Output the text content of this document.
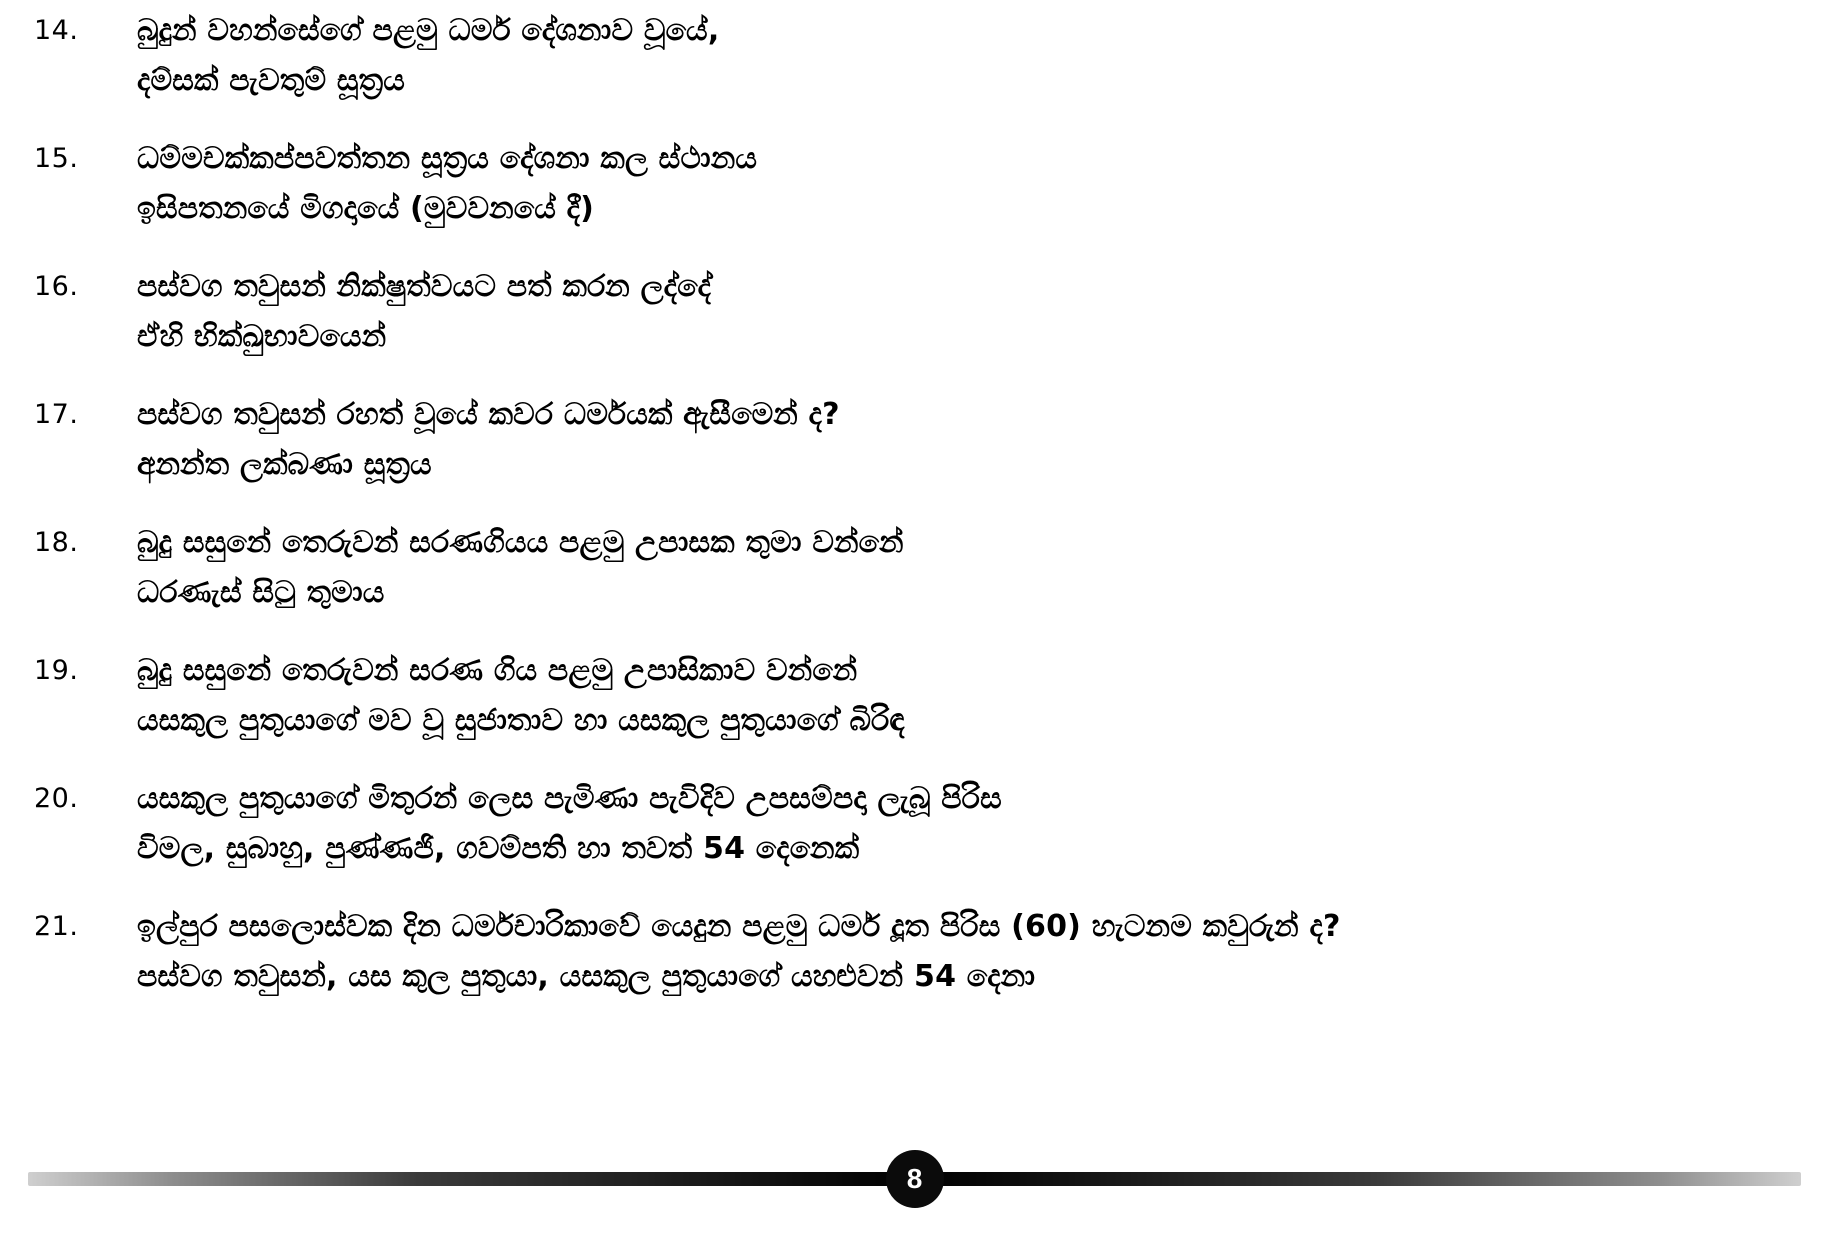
14.	බුදුන් වහන්සේගේ පළමු ධර්ම දේශනාව වූයේ,
දම්සක් පැවතුම් සූත්‍රය
15.	ධම්මචක්කප්පවත්තන සූත්‍රය දේශනා කල ස්ථානය
ඉසිපතනයේ මිගදායේ (මුවවනයේ දී)
16.	පස්වග තවුසන් නික්ෂුත්වයට පත් කරන ලද්දේ
ඒහි භික්ඛුභාවයෙන්
17.	පස්වග තවුසන් රහත් වූයේ කවර ධර්මයක් ඇසීමෙන් ද?
අනන්ත ලක්බණා සූත්‍රය
18.	බුදු සසුනේ තෙරුවන් සරණගියය පළමු උපාසක තුමා වන්නේ
ධරණැස් සිටු තුමාය
19.	බුදු සසුනේ තෙරුවන් සරණ ගිය පළමු උපාසිකාව වන්නේ
යසකුල පුතුයාගේ මව වූ සුජාතාව හා යසකුල පුතුයාගේ බිරිඳ
20.	යසකුල පුතුයාගේ මිතුරන් ලෙස පැමිණා පැවිදිව උපසම්පදා ලැබූ පිරිස
විමල, සුබාහු, පුණ්ණජි, ගවම්පති හා තවත් 54 දෙනෙක්
21.	ඉල්පුර පසලොස්වක දින ධර්මචාරිකාවේ යෙදුන පළමු ධර්ම දූත පිරිස (60) හැටනම කවුරුන් ද?
පස්වග තවුසන්, යස කුල පුතුයා, යසකුල පුතුයාගේ යහළුවන් 54 දෙනා
8
